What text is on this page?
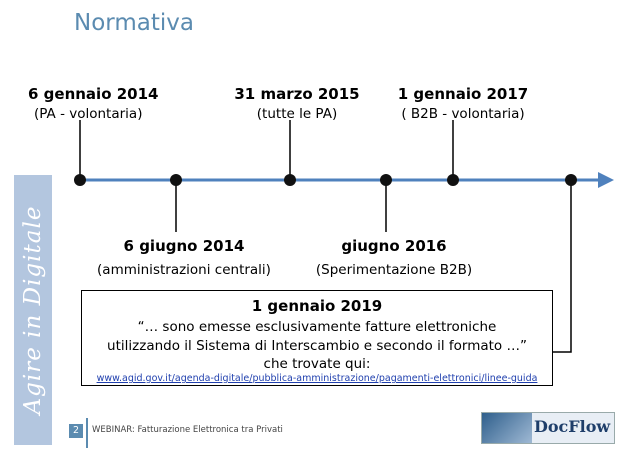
Normativa
Agire in Digitale
6 gennaio 2014
(PA - volontaria)
31 marzo 2015
(tutte le PA)
1 gennaio 2017
( B2B - volontaria)
6 giugno 2014
(amministrazioni centrali)
giugno 2016
(Sperimentazione B2B)
1 gennaio 2019
“… sono emesse esclusivamente fatture elettroniche
utilizzando il Sistema di Interscambio e secondo il formato …”
che trovate qui:
www.agid.gov.it/agenda-digitale/pubblica-amministrazione/pagamenti-elettronici/linee-guida
2	WEBINAR: Fatturazione Elettronica tra Privati	DocFlow
